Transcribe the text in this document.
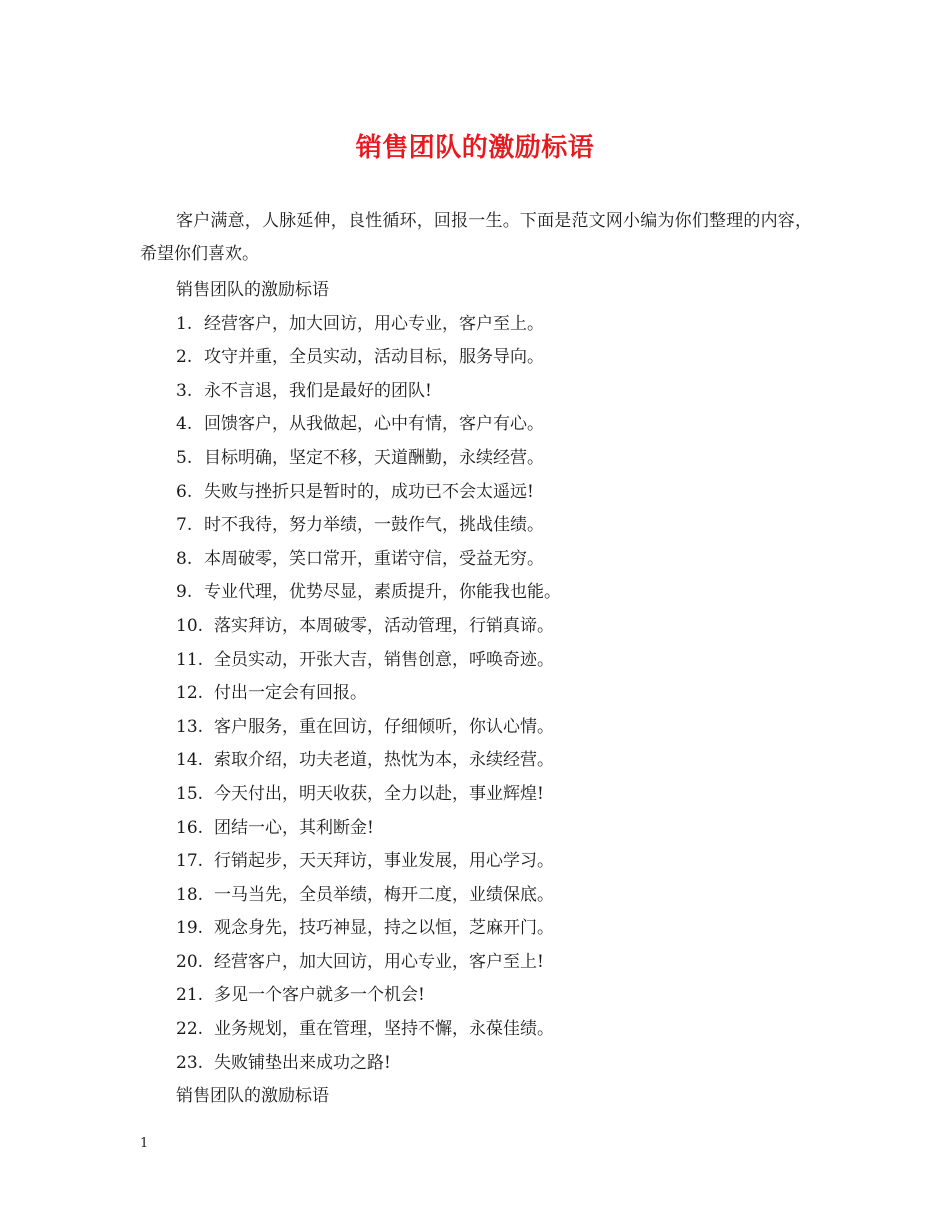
销售团队的激励标语
客户满意，人脉延伸，良性循环，回报一生。下面是范文网小编为你们整理的内容，希望你们喜欢。
销售团队的激励标语
1. 经营客户，加大回访，用心专业，客户至上。
2. 攻守并重，全员实动，活动目标，服务导向。
3. 永不言退，我们是最好的团队!
4. 回馈客户，从我做起，心中有情，客户有心。
5. 目标明确，坚定不移，天道酬勤，永续经营。
6. 失败与挫折只是暂时的，成功已不会太遥远!
7. 时不我待，努力举绩，一鼓作气，挑战佳绩。
8. 本周破零，笑口常开，重诺守信，受益无穷。
9. 专业代理，优势尽显，素质提升，你能我也能。
10. 落实拜访，本周破零，活动管理，行销真谛。
11. 全员实动，开张大吉，销售创意，呼唤奇迹。
12. 付出一定会有回报。
13. 客户服务，重在回访，仔细倾听，你认心情。
14. 索取介绍，功夫老道，热忱为本，永续经营。
15. 今天付出，明天收获，全力以赴，事业辉煌!
16. 团结一心，其利断金!
17. 行销起步，天天拜访，事业发展，用心学习。
18. 一马当先，全员举绩，梅开二度，业绩保底。
19. 观念身先，技巧神显，持之以恒，芝麻开门。
20. 经营客户，加大回访，用心专业，客户至上!
21. 多见一个客户就多一个机会!
22. 业务规划，重在管理，坚持不懈，永葆佳绩。
23. 失败铺垫出来成功之路!
销售团队的激励标语
1
